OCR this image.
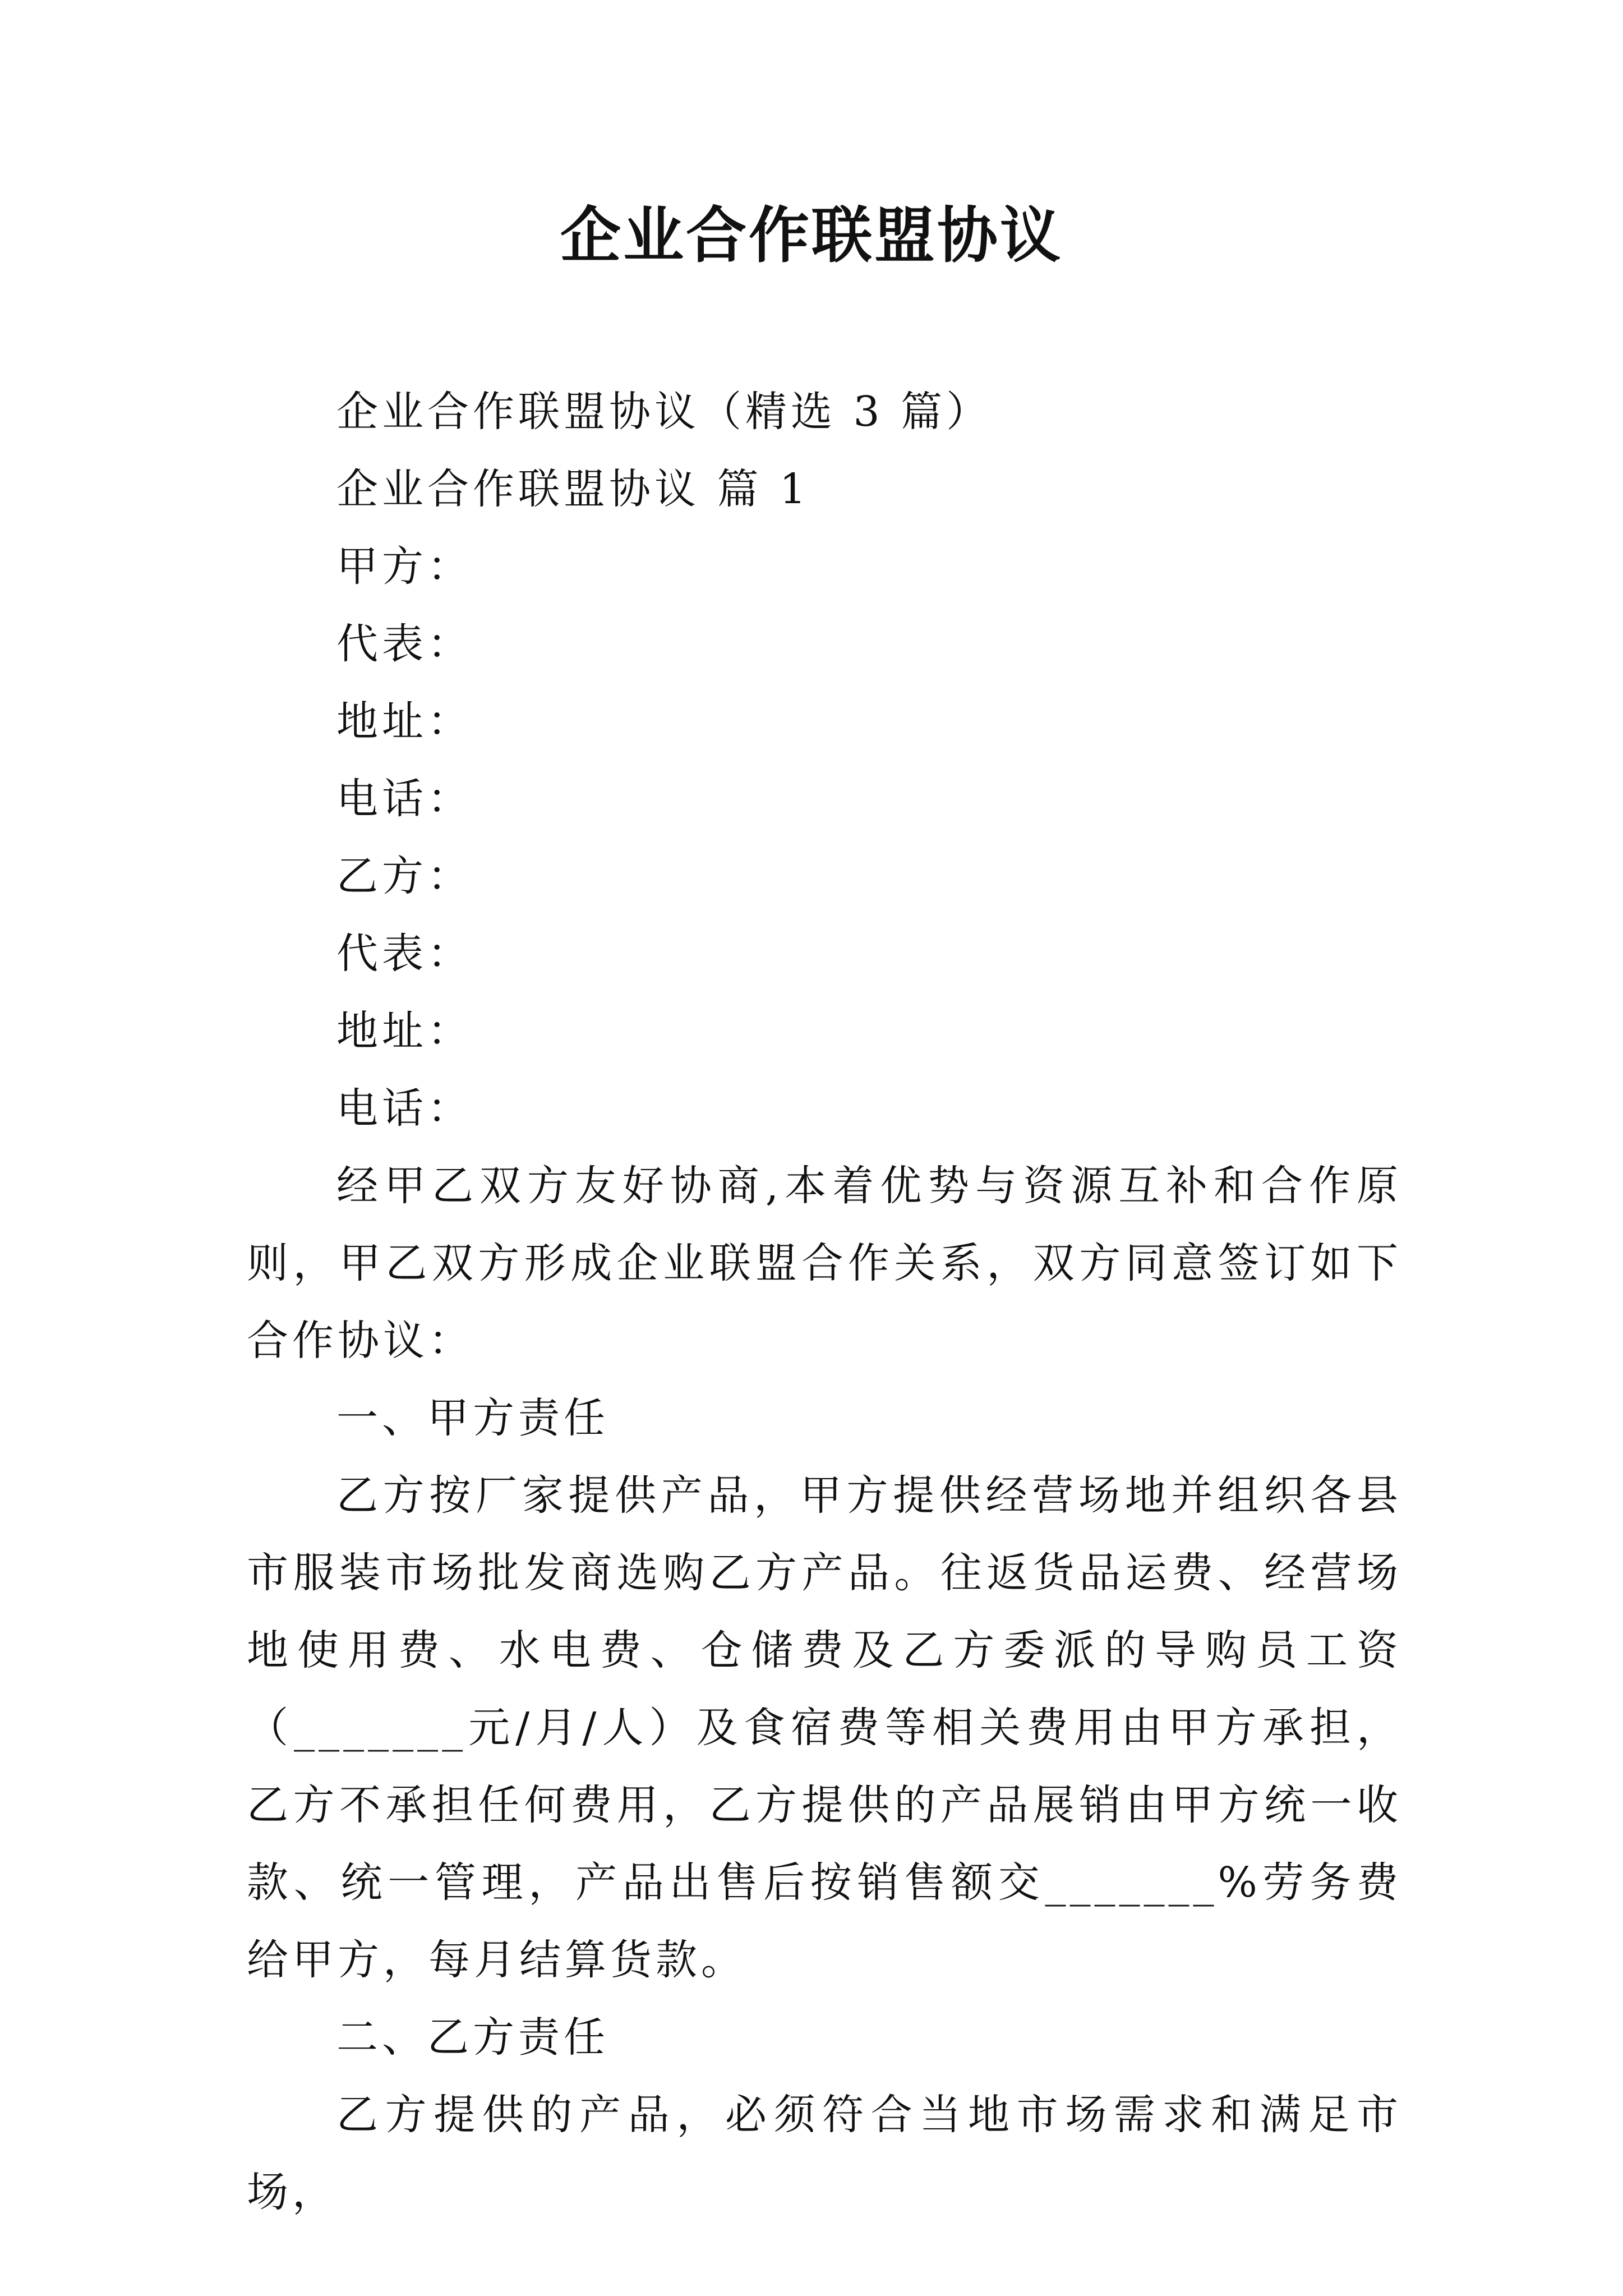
企业合作联盟协议

企业合作联盟协议（精选 3 篇）

企业合作联盟协议 篇 1

甲方：

代表：

地址：

电话：

乙方：

代表：

地址：

电话：

经甲乙双方友好协商,本着优势与资源互补和合作原则，甲乙双方形成企业联盟合作关系，双方同意签订如下合作协议：

一、甲方责任

乙方按厂家提供产品，甲方提供经营场地并组织各县市服装市场批发商选购乙方产品。往返货品运费、经营场地使用费、水电费、仓储费及乙方委派的导购员工资（_______元/月/人）及食宿费等相关费用由甲方承担，乙方不承担任何费用，乙方提供的产品展销由甲方统一收款、统一管理，产品出售后按销售额交_______%劳务费给甲方，每月结算货款。

二、乙方责任

乙方提供的产品，必须符合当地市场需求和满足市场，
